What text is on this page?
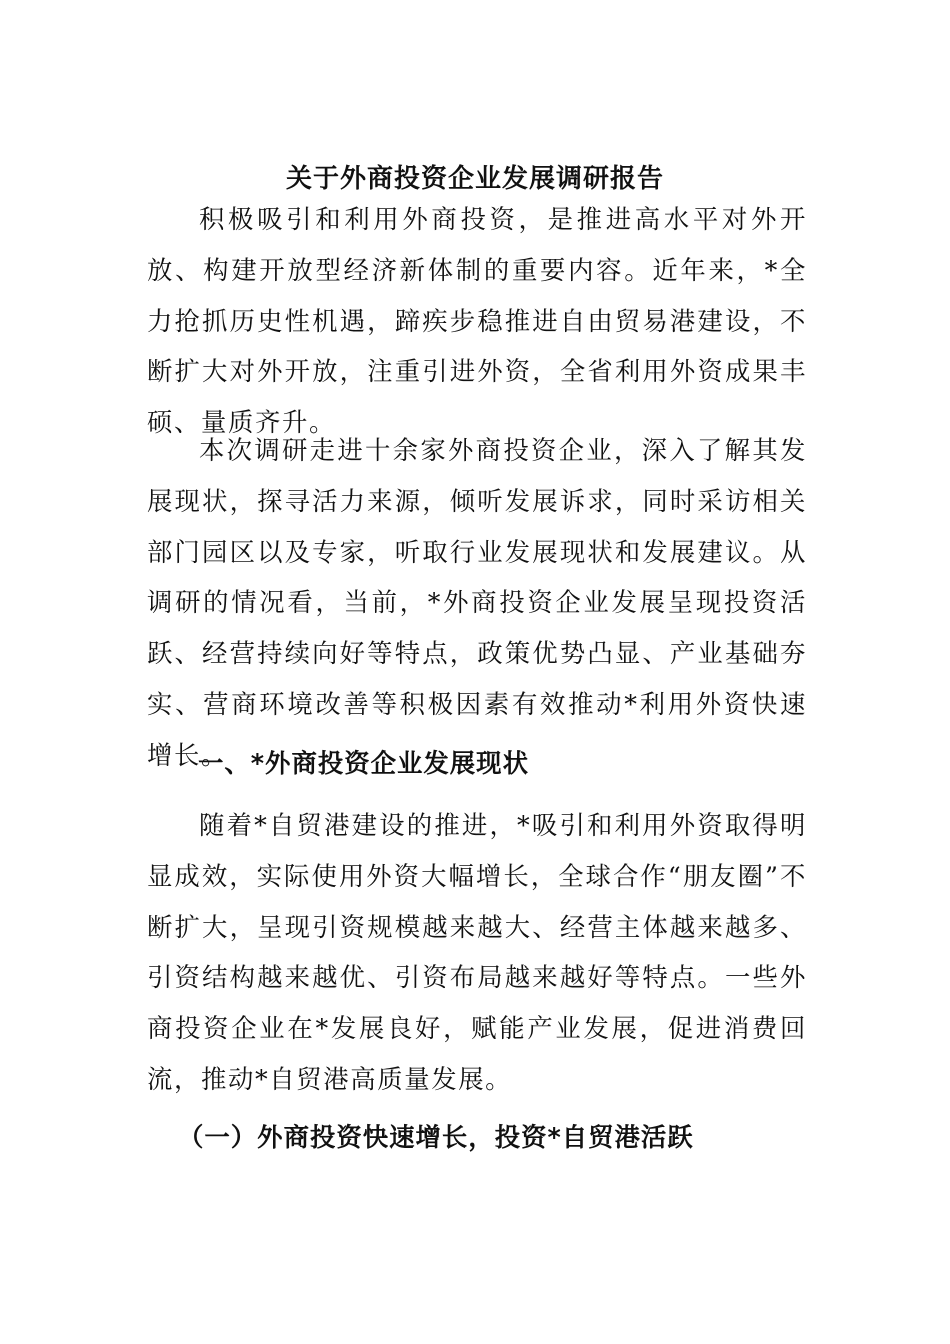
关于外商投资企业发展调研报告

积极吸引和利用外商投资，是推进高水平对外开放、构建开放型经济新体制的重要内容。近年来，*全力抢抓历史性机遇，蹄疾步稳推进自由贸易港建设，不断扩大对外开放，注重引进外资，全省利用外资成果丰硕、量质齐升。

本次调研走进十余家外商投资企业，深入了解其发展现状，探寻活力来源，倾听发展诉求，同时采访相关部门园区以及专家，听取行业发展现状和发展建议。从调研的情况看，当前，*外商投资企业发展呈现投资活跃、经营持续向好等特点，政策优势凸显、产业基础夯实、营商环境改善等积极因素有效推动*利用外资快速增长。

一、*外商投资企业发展现状

随着*自贸港建设的推进，*吸引和利用外资取得明显成效，实际使用外资大幅增长，全球合作“朋友圈”不断扩大，呈现引资规模越来越大、经营主体越来越多、引资结构越来越优、引资布局越来越好等特点。一些外商投资企业在*发展良好，赋能产业发展，促进消费回流，推动*自贸港高质量发展。

（一）外商投资快速增长，投资*自贸港活跃
